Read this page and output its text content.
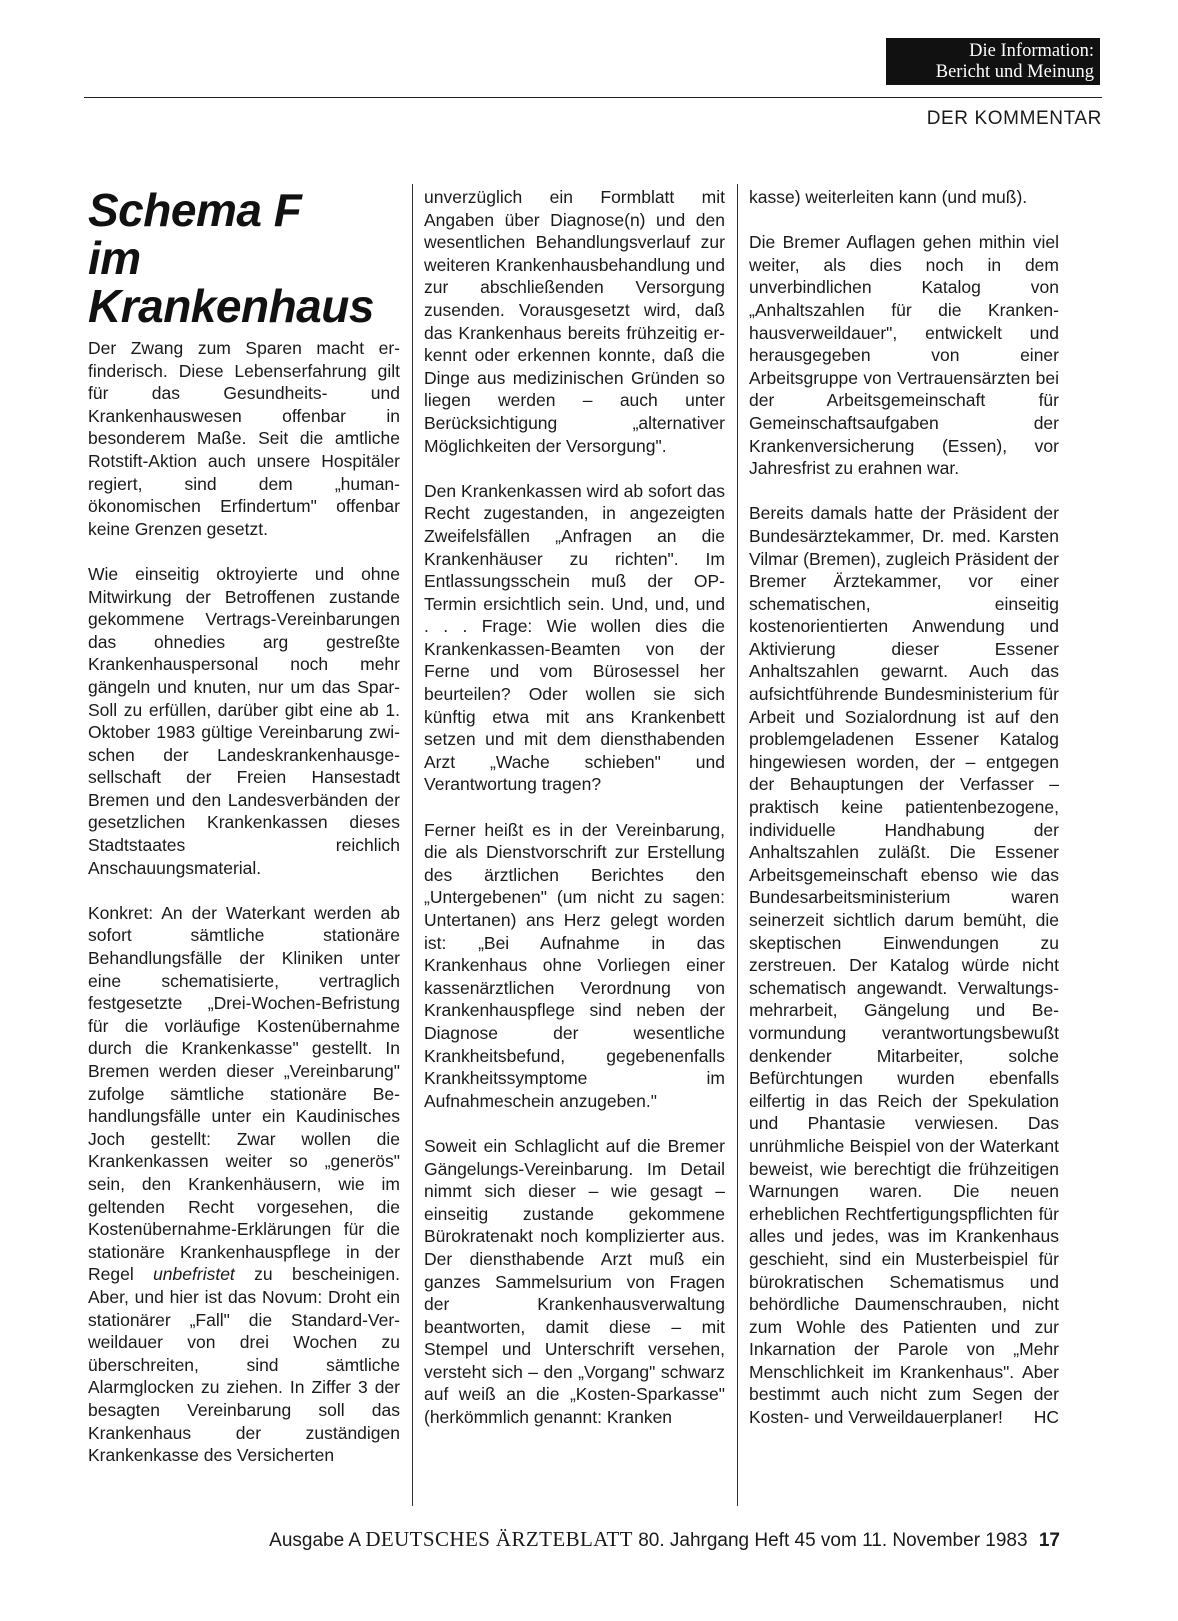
Die Information:
Bericht und Meinung
DER KOMMENTAR
Schema F
im
Krankenhaus

Der Zwang zum Sparen macht erfinderisch. Diese Lebenserfahrung gilt für das Gesundheits- und Krankenhauswesen offenbar in besonderem Maße. Seit die amtliche Rotstift-Aktion auch unsere Hospitäler regiert, sind dem „human-ökonomischen Erfindertum" offenbar keine Grenzen gesetzt.

Wie einseitig oktroyierte und ohne Mitwirkung der Betroffenen zustande gekommene Vertrags-Vereinbarungen das ohnedies arg gestreßte Krankenhauspersonal noch mehr gängeln und knuten, nur um das Spar-Soll zu erfüllen, darüber gibt eine ab 1. Oktober 1983 gültige Vereinbarung zwischen der Landeskrankenhausgesellschaft der Freien Hansestadt Bremen und den Landesverbänden der gesetzlichen Krankenkassen dieses Stadtstaates reichlich Anschauungsmaterial.

Konkret: An der Waterkant werden ab sofort sämtliche stationäre Behandlungsfälle der Kliniken unter eine schematisierte, vertraglich festgesetzte „Drei-Wochen-Befristung für die vorläufige Kostenübernahme durch die Krankenkasse" gestellt. In Bremen werden dieser „Vereinbarung" zufolge sämtliche stationäre Behandlungsfälle unter ein Kaudinisches Joch gestellt: Zwar wollen die Krankenkassen weiter so „generös" sein, den Krankenhäusern, wie im geltenden Recht vorgesehen, die Kostenübernahme-Erklärungen für die stationäre Krankenhauspflege in der Regel unbefristet zu bescheinigen. Aber, und hier ist das Novum: Droht ein stationärer „Fall" die Standard-Verweildauer von drei Wochen zu überschreiten, sind sämtliche Alarmglocken zu ziehen. In Ziffer 3 der besagten Vereinbarung soll das Krankenhaus der zuständigen Krankenkasse des Versicherten

unverzüglich ein Formblatt mit Angaben über Diagnose(n) und den wesentlichen Behandlungsverlauf zur weiteren Krankenhausbehandlung und zur abschließenden Versorgung zusenden. Vorausgesetzt wird, daß das Krankenhaus bereits frühzeitig erkennt oder erkennen konnte, daß die Dinge aus medizinischen Gründen so liegen werden – auch unter Berücksichtigung „alternativer Möglichkeiten der Versorgung".

Den Krankenkassen wird ab sofort das Recht zugestanden, in angezeigten Zweifelsfällen „Anfragen an die Krankenhäuser zu richten". Im Entlassungsschein muß der OP-Termin ersichtlich sein. Und, und, und . . . Frage: Wie wollen dies die Krankenkassen-Beamten von der Ferne und vom Bürosessel her beurteilen? Oder wollen sie sich künftig etwa mit ans Krankenbett setzen und mit dem diensthabenden Arzt „Wache schieben" und Verantwortung tragen?

Ferner heißt es in der Vereinbarung, die als Dienstvorschrift zur Erstellung des ärztlichen Berichtes den „Untergebenen" (um nicht zu sagen: Untertanen) ans Herz gelegt worden ist: „Bei Aufnahme in das Krankenhaus ohne Vorliegen einer kassenärztlichen Verordnung von Krankenhauspflege sind neben der Diagnose der wesentliche Krankheitsbefund, gegebenenfalls Krankheitssymptome im Aufnahmeschein anzugeben."

Soweit ein Schlaglicht auf die Bremer Gängelungs-Vereinbarung. Im Detail nimmt sich dieser – wie gesagt – einseitig zustande gekommene Bürokratenakt noch komplizierter aus. Der diensthabende Arzt muß ein ganzes Sammelsurium von Fragen der Krankenhausverwaltung beantworten, damit diese – mit Stempel und Unterschrift versehen, versteht sich – den „Vorgang" schwarz auf weiß an die „Kosten-Sparkasse" (herkömmlich genannt: Kranken

kasse) weiterleiten kann (und muß).

Die Bremer Auflagen gehen mithin viel weiter, als dies noch in dem unverbindlichen Katalog von „Anhaltszahlen für die Krankenhausverweildauer", entwickelt und herausgegeben von einer Arbeitsgruppe von Vertrauensärzten bei der Arbeitsgemeinschaft für Gemeinschaftsaufgaben der Krankenversicherung (Essen), vor Jahresfrist zu erahnen war.

Bereits damals hatte der Präsident der Bundesärztekammer, Dr. med. Karsten Vilmar (Bremen), zugleich Präsident der Bremer Ärztekammer, vor einer schematischen, einseitig kostenorientierten Anwendung und Aktivierung dieser Essener Anhaltszahlen gewarnt. Auch das aufsichtführende Bundesministerium für Arbeit und Sozialordnung ist auf den problemgeladenen Essener Katalog hingewiesen worden, der – entgegen der Behauptungen der Verfasser – praktisch keine patientenbezogene, individuelle Handhabung der Anhaltszahlen zuläßt. Die Essener Arbeitsgemeinschaft ebenso wie das Bundesarbeitsministerium waren seinerzeit sichtlich darum bemüht, die skeptischen Einwendungen zu zerstreuen. Der Katalog würde nicht schematisch angewandt. Verwaltungsmehrarbeit, Gängelung und Bevormundung verantwortungsbewußt denkender Mitarbeiter, solche Befürchtungen wurden ebenfalls eilfertig in das Reich der Spekulation und Phantasie verwiesen. Das unrühmliche Beispiel von der Waterkant beweist, wie berechtigt die frühzeitigen Warnungen waren. Die neuen erheblichen Rechtfertigungspflichten für alles und jedes, was im Krankenhaus geschieht, sind ein Musterbeispiel für bürokratischen Schematismus und behördliche Daumenschrauben, nicht zum Wohle des Patienten und zur Inkarnation der Parole von „Mehr Menschlichkeit im Krankenhaus". Aber bestimmt auch nicht zum Segen der Kosten- und Verweildauerplaner! HC

Ausgabe A DEUTSCHES ÄRZTEBLATT 80. Jahrgang Heft 45 vom 11. November 1983 17
